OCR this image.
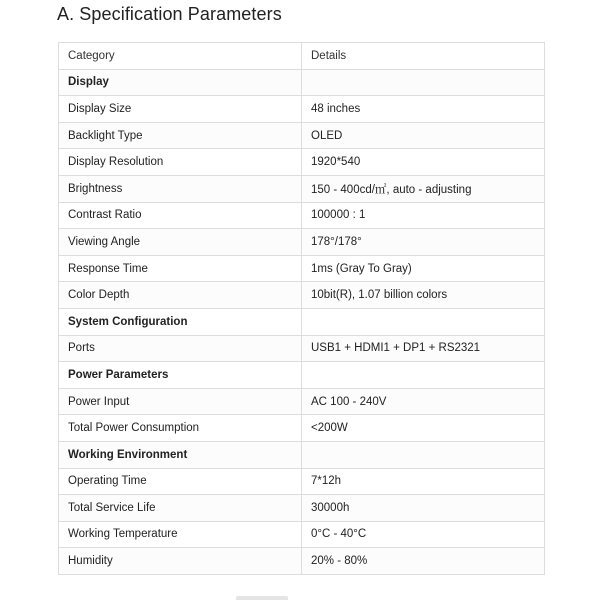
A. Specification Parameters
Category	Details
Display	
Display Size	48 inches
Backlight Type	OLED
Display Resolution	1920*540
Brightness	150 - 400cd/㎡, auto - adjusting
Contrast Ratio	100000 : 1
Viewing Angle	178°/178°
Response Time	1ms (Gray To Gray)
Color Depth	10bit(R), 1.07 billion colors
System Configuration	
Ports	USB1 + HDMI1 + DP1 + RS2321
Power Parameters	
Power Input	AC 100 - 240V
Total Power Consumption	<200W
Working Environment	
Operating Time	7*12h
Total Service Life	30000h
Working Temperature	0°C - 40°C
Humidity	20% - 80%
